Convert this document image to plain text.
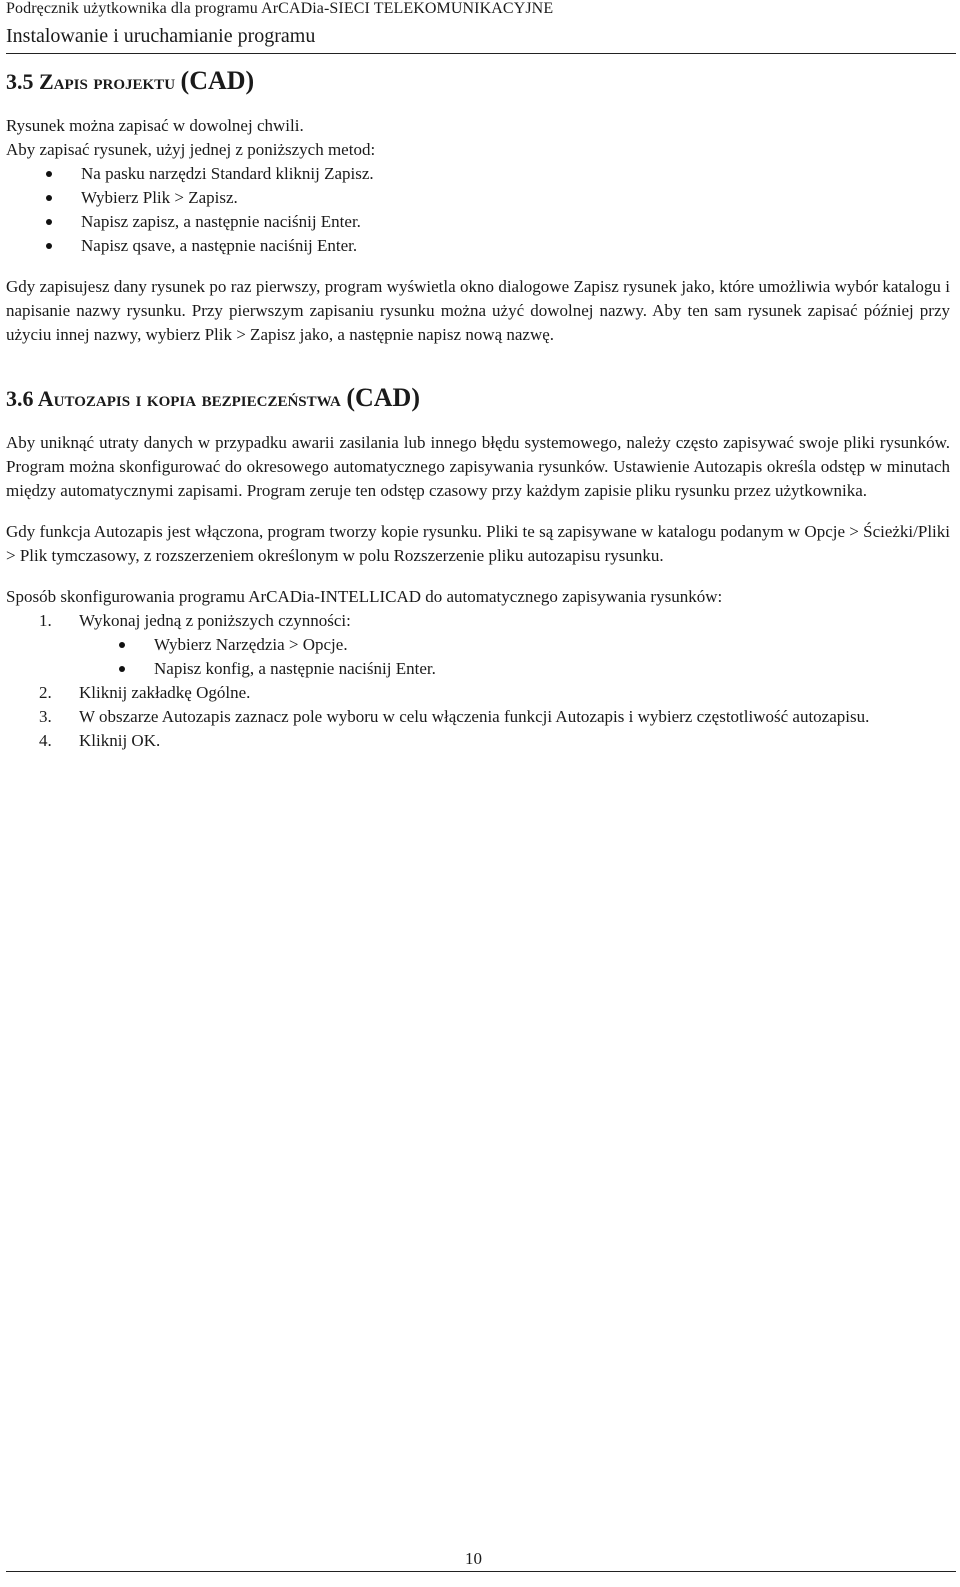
Podręcznik użytkownika dla programu ArCADia-SIECI TELEKOMUNIKACYJNE
Instalowanie i uruchamianie programu
3.5 Zapis projektu (CAD)

Rysunek można zapisać w dowolnej chwili.

Aby zapisać rysunek, użyj jednej z poniższych metod:

Na pasku narzędzi Standard kliknij Zapisz.
Wybierz Plik > Zapisz.
Napisz zapisz, a następnie naciśnij Enter.
Napisz qsave, a następnie naciśnij Enter.

Gdy zapisujesz dany rysunek po raz pierwszy, program wyświetla okno dialogowe Zapisz rysunek jako, które umożliwia wybór katalogu i napisanie nazwy rysunku. Przy pierwszym zapisaniu rysunku można użyć dowolnej nazwy. Aby ten sam rysunek zapisać później przy użyciu innej nazwy, wybierz Plik > Zapisz jako, a następnie napisz nową nazwę.

3.6 Autozapis i kopia bezpieczeństwa (CAD)

Aby uniknąć utraty danych w przypadku awarii zasilania lub innego błędu systemowego, należy często zapisywać swoje pliki rysunków. Program można skonfigurować do okresowego automatycznego zapisywania rysunków. Ustawienie Autozapis określa odstęp w minutach między automatycznymi zapisami. Program zeruje ten odstęp czasowy przy każdym zapisie pliku rysunku przez użytkownika.

Gdy funkcja Autozapis jest włączona, program tworzy kopie rysunku. Pliki te są zapisywane w katalogu podanym w Opcje > Ścieżki/Pliki > Plik tymczasowy, z rozszerzeniem określonym w polu Rozszerzenie pliku autozapisu rysunku.

Sposób skonfigurowania programu ArCADia-INTELLICAD do automatycznego zapisywania rysunków:

1. Wykonaj jedną z poniższych czynności:
Wybierz Narzędzia > Opcje.
Napisz konfig, a następnie naciśnij Enter.
2. Kliknij zakładkę Ogólne.
3. W obszarze Autozapis zaznacz pole wyboru w celu włączenia funkcji Autozapis i wybierz częstotliwość autozapisu.
4. Kliknij OK.
10
